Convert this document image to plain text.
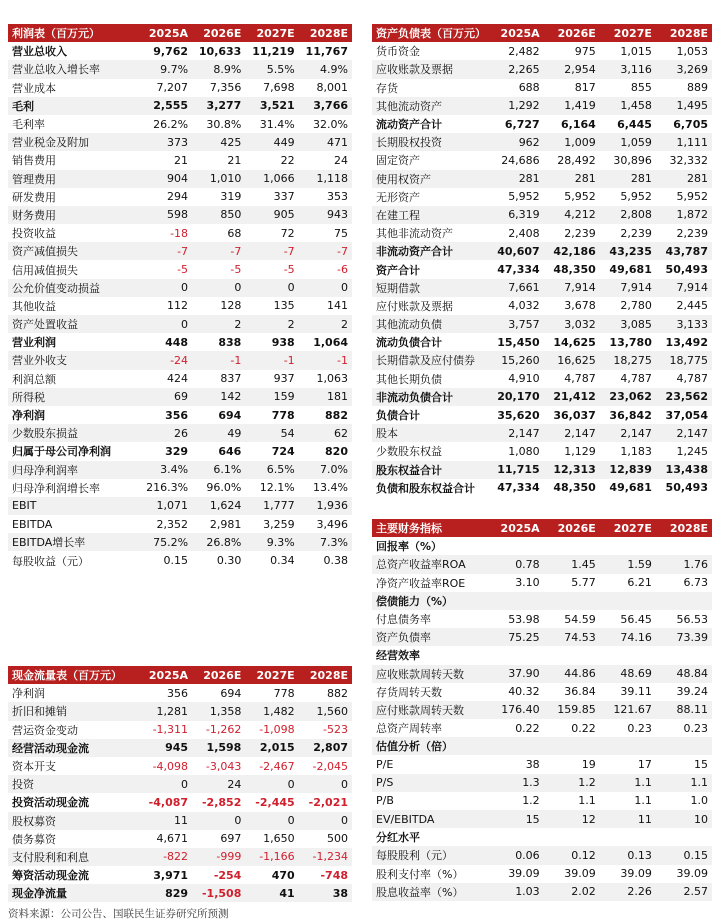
利润表（百万元）	2025A	2026E	2027E	2028E
营业总收入	9,762	10,633	11,219	11,767
营业总收入增长率	9.7%	8.9%	5.5%	4.9%
营业成本	7,207	7,356	7,698	8,001
毛利	2,555	3,277	3,521	3,766
毛利率	26.2%	30.8%	31.4%	32.0%
营业税金及附加	373	425	449	471
销售费用	21	21	22	24
管理费用	904	1,010	1,066	1,118
研发费用	294	319	337	353
财务费用	598	850	905	943
投资收益	-18	68	72	75
资产减值损失	-7	-7	-7	-7
信用减值损失	-5	-5	-5	-6
公允价值变动损益	0	0	0	0
其他收益	112	128	135	141
资产处置收益	0	2	2	2
营业利润	448	838	938	1,064
营业外收支	-24	-1	-1	-1
利润总额	424	837	937	1,063
所得税	69	142	159	181
净利润	356	694	778	882
少数股东损益	26	49	54	62
归属于母公司净利润	329	646	724	820
归母净利润率	3.4%	6.1%	6.5%	7.0%
归母净利润增长率	216.3%	96.0%	12.1%	13.4%
EBIT	1,071	1,624	1,777	1,936
EBITDA	2,352	2,981	3,259	3,496
EBITDA增长率	75.2%	26.8%	9.3%	7.3%
每股收益（元）	0.15	0.30	0.34	0.38
资产负债表（百万元）	2025A	2026E	2027E	2028E
货币资金	2,482	975	1,015	1,053
应收账款及票据	2,265	2,954	3,116	3,269
存货	688	817	855	889
其他流动资产	1,292	1,419	1,458	1,495
流动资产合计	6,727	6,164	6,445	6,705
长期股权投资	962	1,009	1,059	1,111
固定资产	24,686	28,492	30,896	32,332
使用权资产	281	281	281	281
无形资产	5,952	5,952	5,952	5,952
在建工程	6,319	4,212	2,808	1,872
其他非流动资产	2,408	2,239	2,239	2,239
非流动资产合计	40,607	42,186	43,235	43,787
资产合计	47,334	48,350	49,681	50,493
短期借款	7,661	7,914	7,914	7,914
应付账款及票据	4,032	3,678	2,780	2,445
其他流动负债	3,757	3,032	3,085	3,133
流动负债合计	15,450	14,625	13,780	13,492
长期借款及应付债券	15,260	16,625	18,275	18,775
其他长期负债	4,910	4,787	4,787	4,787
非流动负债合计	20,170	21,412	23,062	23,562
负债合计	35,620	36,037	36,842	37,054
股本	2,147	2,147	2,147	2,147
少数股东权益	1,080	1,129	1,183	1,245
股东权益合计	11,715	12,313	12,839	13,438
负债和股东权益合计	47,334	48,350	49,681	50,493
主要财务指标	2025A	2026E	2027E	2028E
回报率（%）				
总资产收益率ROA	0.78	1.45	1.59	1.76
净资产收益率ROE	3.10	5.77	6.21	6.73
偿债能力（%）				
付息债务率	53.98	54.59	56.45	56.53
资产负债率	75.25	74.53	74.16	73.39
经营效率				
应收账款周转天数	37.90	44.86	48.69	48.84
存货周转天数	40.32	36.84	39.11	39.24
应付账款周转天数	176.40	159.85	121.67	88.11
总资产周转率	0.22	0.22	0.23	0.23
估值分析（倍）				
P/E	38	19	17	15
P/S	1.3	1.2	1.1	1.1
P/B	1.2	1.1	1.1	1.0
EV/EBITDA	15	12	11	10
分红水平				
每股股利（元）	0.06	0.12	0.13	0.15
股利支付率（%）	39.09	39.09	39.09	39.09
股息收益率（%）	1.03	2.02	2.26	2.57
现金流量表（百万元）	2025A	2026E	2027E	2028E
净利润	356	694	778	882
折旧和摊销	1,281	1,358	1,482	1,560
营运资金变动	-1,311	-1,262	-1,098	-523
经营活动现金流	945	1,598	2,015	2,807
资本开支	-4,098	-3,043	-2,467	-2,045
投资	0	24	0	0
投资活动现金流	-4,087	-2,852	-2,445	-2,021
股权募资	11	0	0	0
债务募资	4,671	697	1,650	500
支付股利和利息	-822	-999	-1,166	-1,234
筹资活动现金流	3,971	-254	470	-748
现金净流量	829	-1,508	41	38
资料来源：公司公告、国联民生证券研究所预测
